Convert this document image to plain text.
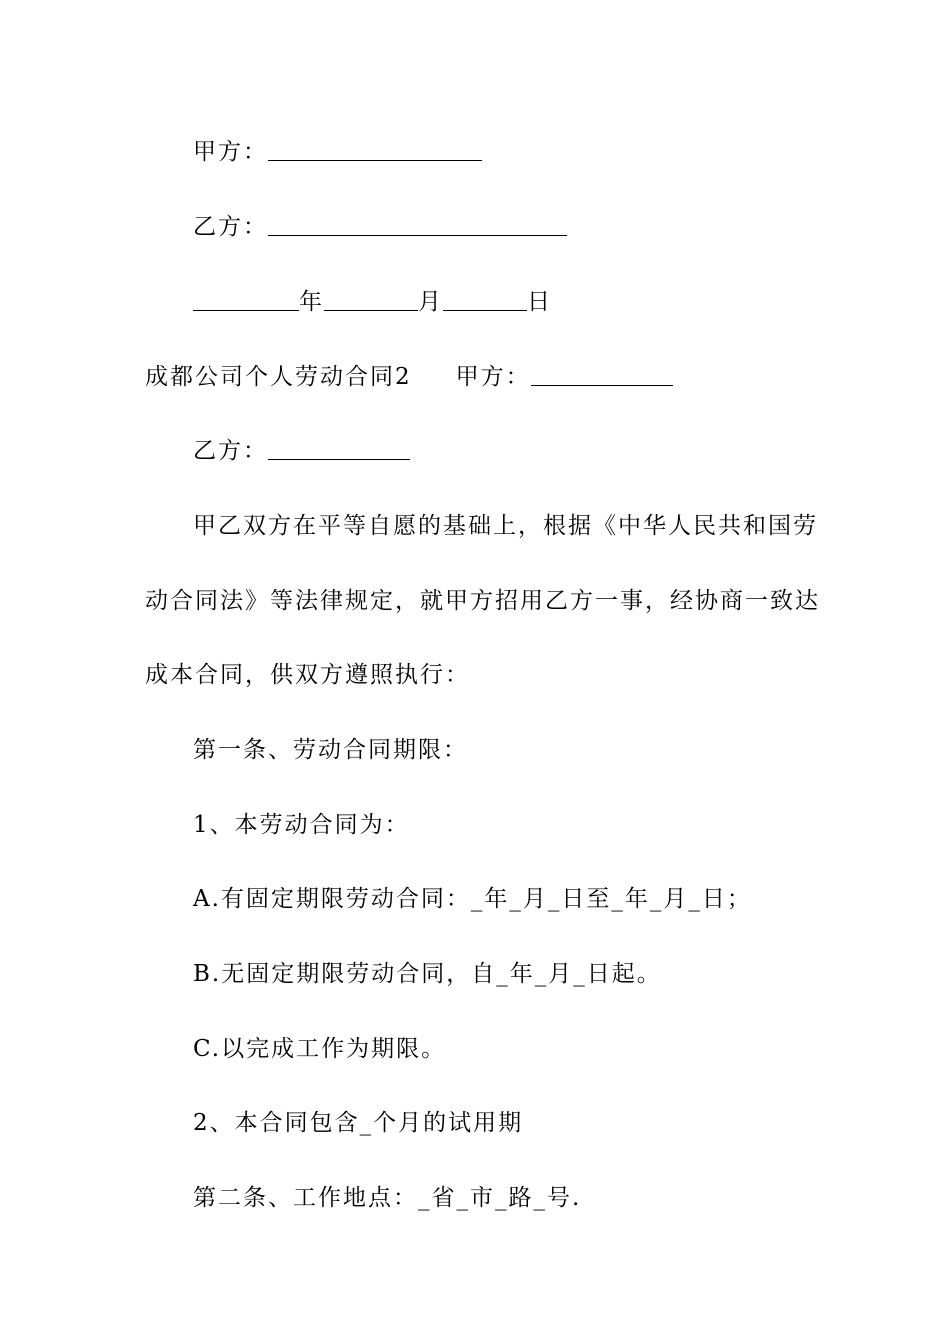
甲方：
乙方：
年	月	日
成都公司个人劳动合同2 甲方：
乙方：
甲乙双方在平等自愿的基础上，根据《中华人民共和国劳
动合同法》等法律规定，就甲方招用乙方一事，经协商一致达
成本合同，供双方遵照执行：
第一条、劳动合同期限：
1、本劳动合同为：
A.有固定期限劳动合同：_年_月_日至_年_月_日；
B.无固定期限劳动合同，自_年_月_日起。
C.以完成工作为期限。
2、本合同包含_个月的试用期
第二条、工作地点：_省_市_路_号.
